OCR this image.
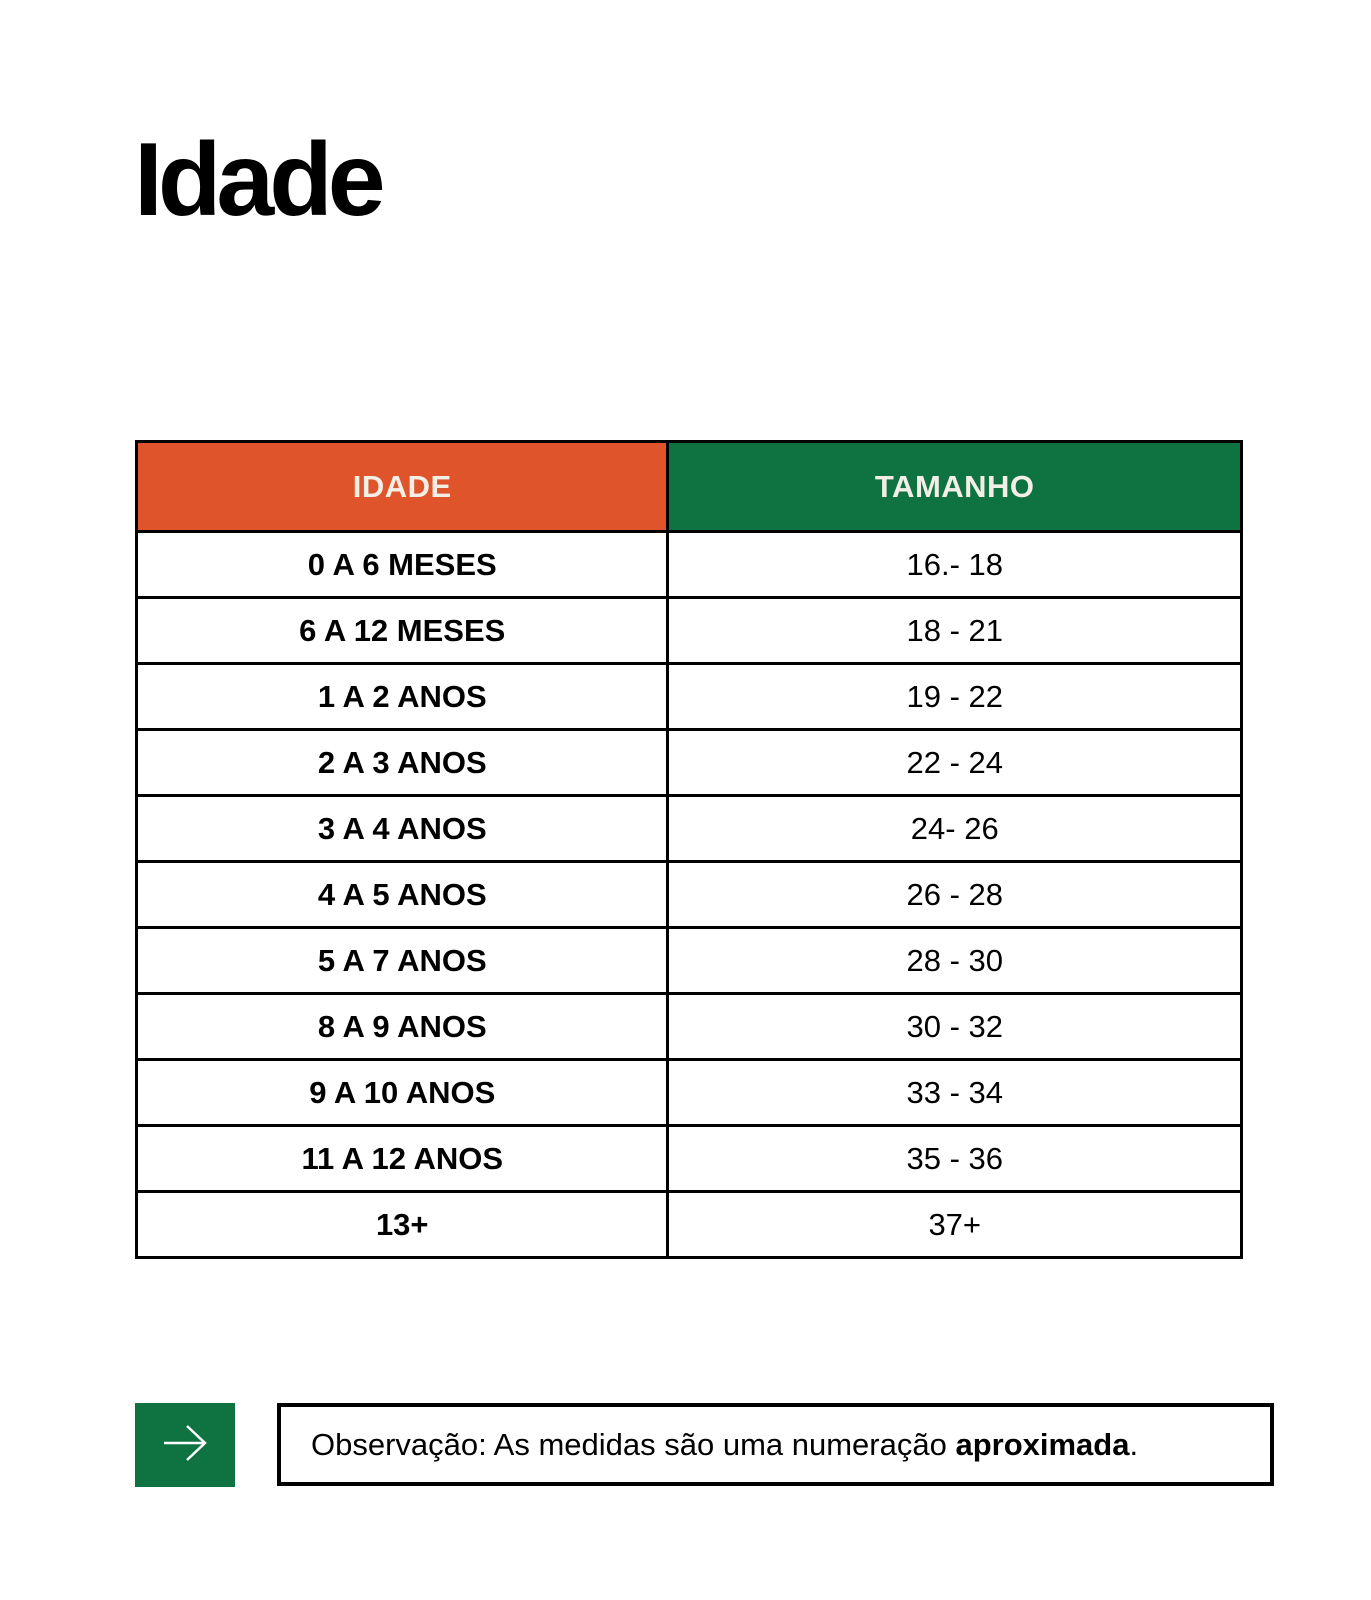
Idade
IDADE	TAMANHO
0 A 6 MESES	16.- 18
6 A 12 MESES	18 - 21
1 A 2 ANOS	19 - 22
2 A 3 ANOS	22 - 24
3 A 4 ANOS	24- 26
4 A 5 ANOS	26 - 28
5 A 7 ANOS	28 - 30
8 A 9 ANOS	30 - 32
9 A 10 ANOS	33 - 34
11 A 12 ANOS	35 - 36
13+	37+
Observação: As medidas são uma numeração aproximada.
